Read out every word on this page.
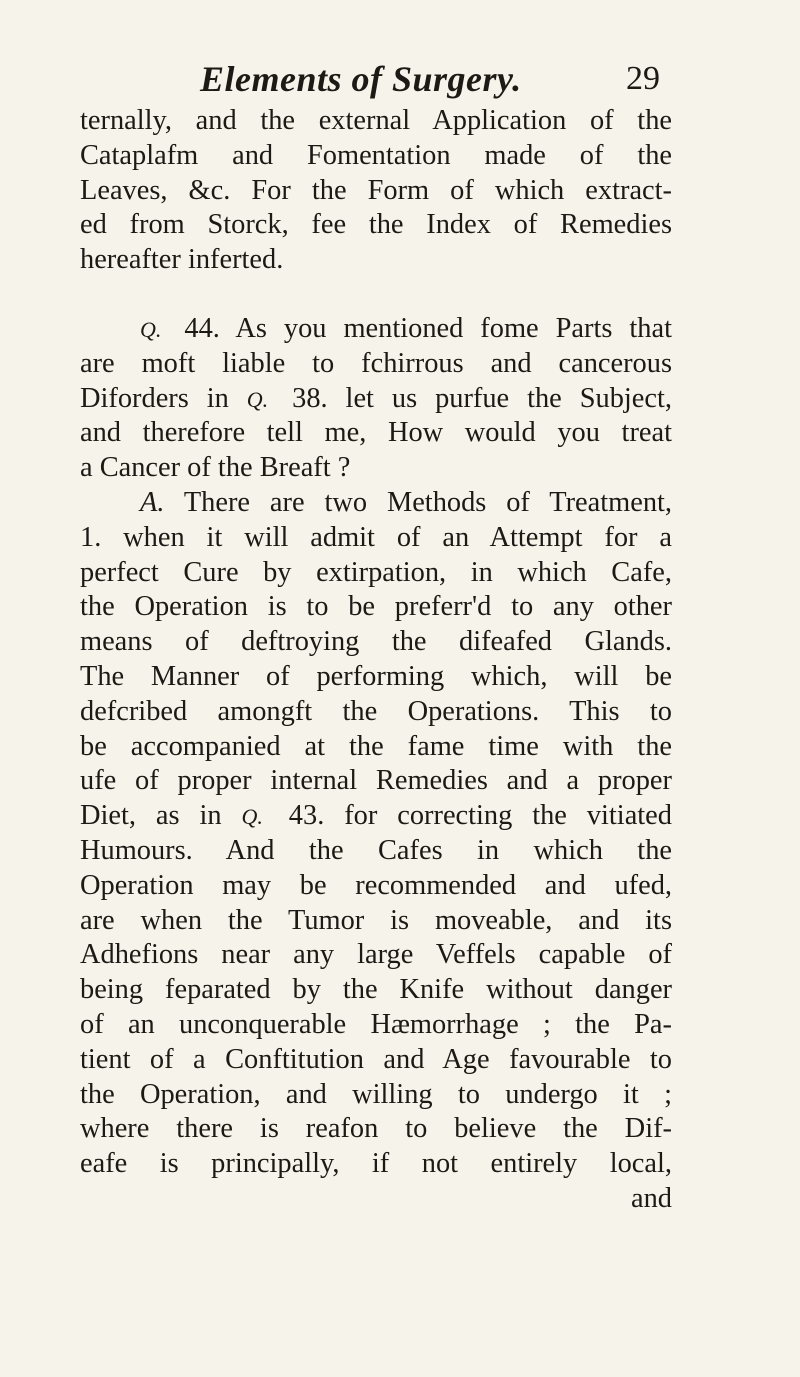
Elements of Surgery.	29
ternally, and the external Application of the
Cataplafm and Fomentation made of the
Leaves, &c. For the Form of which extract-
ed from Storck, fee the Index of Remedies
hereafter inferted.
Q. 44. As you mentioned fome Parts that
are moft liable to fchirrous and cancerous
Diforders in Q. 38. let us purfue the Subject,
and therefore tell me, How would you treat
a Cancer of the Breaft ?
A. There are two Methods of Treatment,
1. when it will admit of an Attempt for a
perfect Cure by extirpation, in which Cafe,
the Operation is to be preferr'd to any other
means of deftroying the difeafed Glands.
The Manner of performing which, will be
defcribed amongft the Operations. This to
be accompanied at the fame time with the
ufe of proper internal Remedies and a proper
Diet, as in Q. 43. for correcting the vitiated
Humours. And the Cafes in which the
Operation may be recommended and ufed,
are when the Tumor is moveable, and its
Adhefions near any large Veffels capable of
being feparated by the Knife without danger
of an unconquerable Hæmorrhage ; the Pa-
tient of a Conftitution and Age favourable to
the Operation, and willing to undergo it ;
where there is reafon to believe the Dif-
eafe is principally, if not entirely local,
and
